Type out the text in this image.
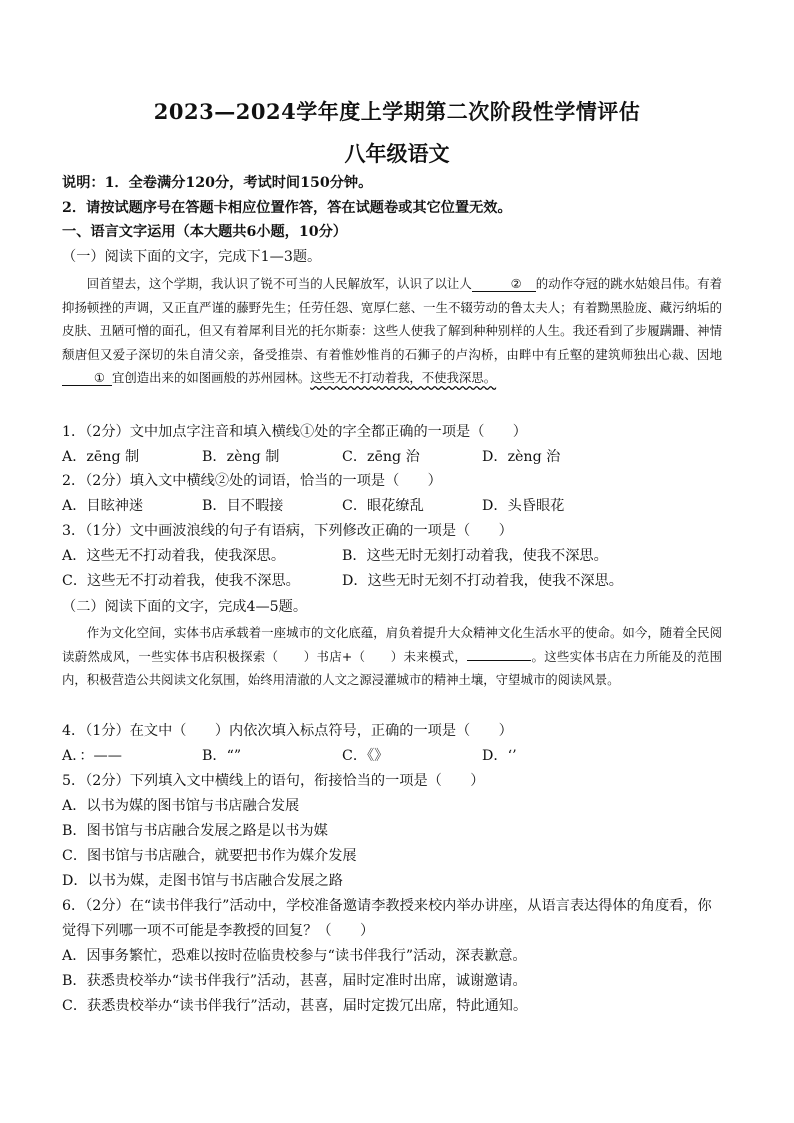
2023—2024学年度上学期第二次阶段性学情评估
八年级语文
说明：1．全卷满分120分，考试时间150分钟。
2．请按试题序号在答题卡相应位置作答，答在试题卷或其它位置无效。
一、语言文字运用（本大题共6小题，10分）
（一）阅读下面的文字，完成下1—3题。

回首望去，这个学期，我认识了锐不可当的人民解放军，认识了以让人	② 的动作夺冠的跳水姑娘吕伟。有着抑扬顿挫的声调，又正直严谨的藤野先生；任劳任怨、宽厚仁慈、一生不辍劳动的鲁太夫人；有着黝黑脸庞、藏污纳垢的皮肤、丑陋可憎的面孔，但又有着犀利目光的托尔斯泰：这些人使我了解到种种别样的人生。我还看到了步履蹒跚、神情颓唐但又爱子深切的朱自清父亲，备受推崇、有着惟妙惟肖的石狮子的卢沟桥，由畔中有丘壑的建筑师独出心裁、因地① 宜创造出来的如图画般的苏州园林。这些无不打动着我，不使我深思。

1．（2分）文中加点字注音和填入横线①处的字全都正确的一项是（　　）
A．zēng 制	B．zèng 制	C．zēng 治	D．zèng 治
2．（2分）填入文中横线②处的词语，恰当的一项是（　　）
A．目眩神迷	B．目不暇接	C．眼花缭乱	D．头昏眼花
3．（1分）文中画波浪线的句子有语病，下列修改正确的一项是（　　）
A．这些无不打动着我，使我深思。	B．这些无时无刻打动着我，使我不深思。
C．这些无不打动着我，使我不深思。	D．这些无时无刻不打动着我，使我不深思。
（二）阅读下面的文字，完成4—5题。

作为文化空间，实体书店承载着一座城市的文化底蕴，肩负着提升大众精神文化生活水平的使命。如今，随着全民阅读蔚然成风，一些实体书店积极探索（　　）书店+（　　）未来模式，	。这些实体书店在力所能及的范围内，积极营造公共阅读文化氛围，始终用清澈的人文之源浸灌城市的精神土壤，守望城市的阅读风景。

4．（1分）在文中（　　）内依次填入标点符号，正确的一项是（　　）
A．：——	B．“”	C．《》	D．‘’
5．（2分）下列填入文中横线上的语句，衔接恰当的一项是（　　）
A．以书为媒的图书馆与书店融合发展
B．图书馆与书店融合发展之路是以书为媒
C．图书馆与书店融合，就要把书作为媒介发展
D．以书为媒，走图书馆与书店融合发展之路
6．（2分）在“读书伴我行”活动中，学校准备邀请李教授来校内举办讲座，从语言表达得体的角度看，你
觉得下列哪一项不可能是李教授的回复？（　　）
A．因事务繁忙，恐难以按时莅临贵校参与“读书伴我行”活动，深表歉意。
B．获悉贵校举办“读书伴我行”活动，甚喜，届时定准时出席，诚谢邀请。
C．获悉贵校举办“读书伴我行”活动，甚喜，届时定拨冗出席，特此通知。
